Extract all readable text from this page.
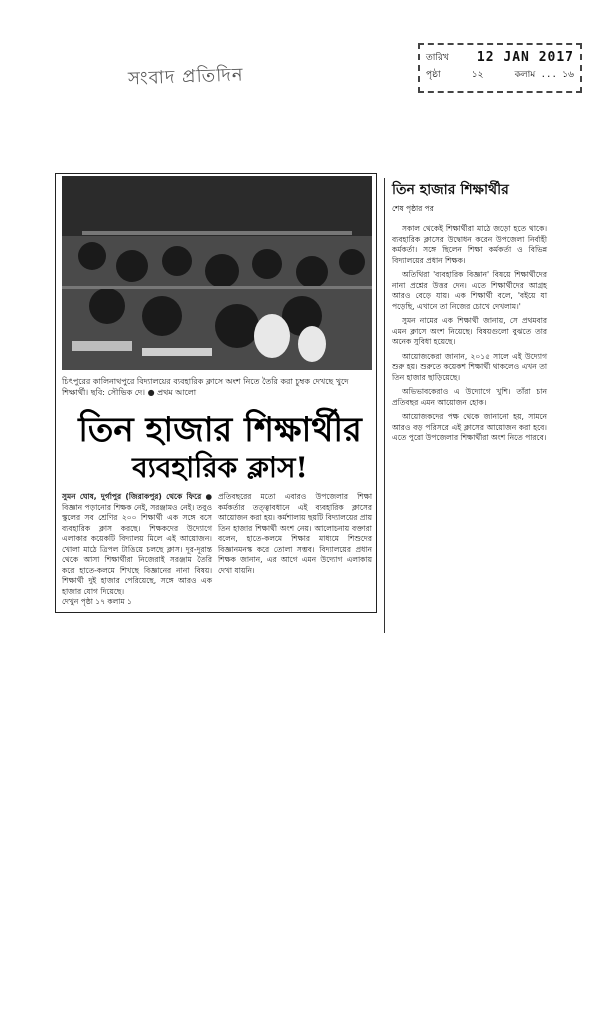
সংবাদ প্রতিদিন
তারিখ 12 JAN 2017
পৃষ্ঠা	১২	কলাম ... ১৬
চিৎপুরের কালিনাথপুরে বিদ্যালয়ের ব্যবহারিক ক্লাসে অংশ নিতে তৈরি করা চুম্বক দেখছে খুদে শিক্ষার্থী। ছবি: সৌভিক দে। ● প্রথম আলো
তিন হাজার শিক্ষার্থীর
ব্যবহারিক ক্লাস!
সুমন ঘোষ, দুর্গাপুর (জিরাকপুর) থেকে ফিরে ● বিজ্ঞান পড়ানোর শিক্ষক নেই, সরঞ্জামও নেই। তবুও স্কুলের সব শ্রেণির ২০০ শিক্ষার্থী এক সঙ্গে বসে ব্যবহারিক ক্লাস করছে। শিক্ষকদের উদ্যোগে এলাকার কয়েকটি বিদ্যালয় মিলে এই আয়োজন। খোলা মাঠে ত্রিপল টাঙিয়ে চলছে ক্লাস। দূর-দূরান্ত থেকে আসা শিক্ষার্থীরা নিজেরাই সরঞ্জাম তৈরি করে হাতে-কলমে শিখছে বিজ্ঞানের নানা বিষয়। শিক্ষার্থী দুই হাজার পেরিয়েছে, সঙ্গে আরও এক হাজার যোগ দিয়েছে।
প্রতিবছরের মতো এবারও উপজেলার শিক্ষা কর্মকর্তার তত্ত্বাবধানে এই ব্যবহারিক ক্লাসের আয়োজন করা হয়। কর্মশালায় ছয়টি বিদ্যালয়ের প্রায় তিন হাজার শিক্ষার্থী অংশ নেয়। আলোচনায় বক্তারা বলেন, হাতে-কলমে শিক্ষার মাধ্যমে শিশুদের বিজ্ঞানমনস্ক করে তোলা সম্ভব। বিদ্যালয়ের প্রধান শিক্ষক জানান, এর আগে এমন উদ্যোগ এলাকায় দেখা যায়নি।
দেখুন পৃষ্ঠা ১৭ কলাম ১
তিন হাজার শিক্ষার্থীর
শেষ পৃষ্ঠার পর

সকাল থেকেই শিক্ষার্থীরা মাঠে জড়ো হতে থাকে। ব্যবহারিক ক্লাসের উদ্বোধন করেন উপজেলা নির্বাহী কর্মকর্তা। সঙ্গে ছিলেন শিক্ষা কর্মকর্তা ও বিভিন্ন বিদ্যালয়ের প্রধান শিক্ষক।

অতিথিরা 'ব্যবহারিক বিজ্ঞান' বিষয়ে শিক্ষার্থীদের নানা প্রশ্নের উত্তর দেন। এতে শিক্ষার্থীদের আগ্রহ আরও বেড়ে যায়। এক শিক্ষার্থী বলে, 'বইয়ে যা পড়েছি, এখানে তা নিজের চোখে দেখলাম।'

সুমন নামের এক শিক্ষার্থী জানায়, সে প্রথমবার এমন ক্লাসে অংশ নিয়েছে। বিষয়গুলো বুঝতে তার অনেক সুবিধা হয়েছে।

আয়োজকেরা জানান, ২০১৫ সালে এই উদ্যোগ শুরু হয়। শুরুতে কয়েকশ শিক্ষার্থী থাকলেও এখন তা তিন হাজার ছাড়িয়েছে।

অভিভাবকেরাও এ উদ্যোগে খুশি। তাঁরা চান প্রতিবছর এমন আয়োজন হোক।

আয়োজকদের পক্ষ থেকে জানানো হয়, সামনে আরও বড় পরিসরে এই ক্লাসের আয়োজন করা হবে। এতে পুরো উপজেলার শিক্ষার্থীরা অংশ নিতে পারবে।
